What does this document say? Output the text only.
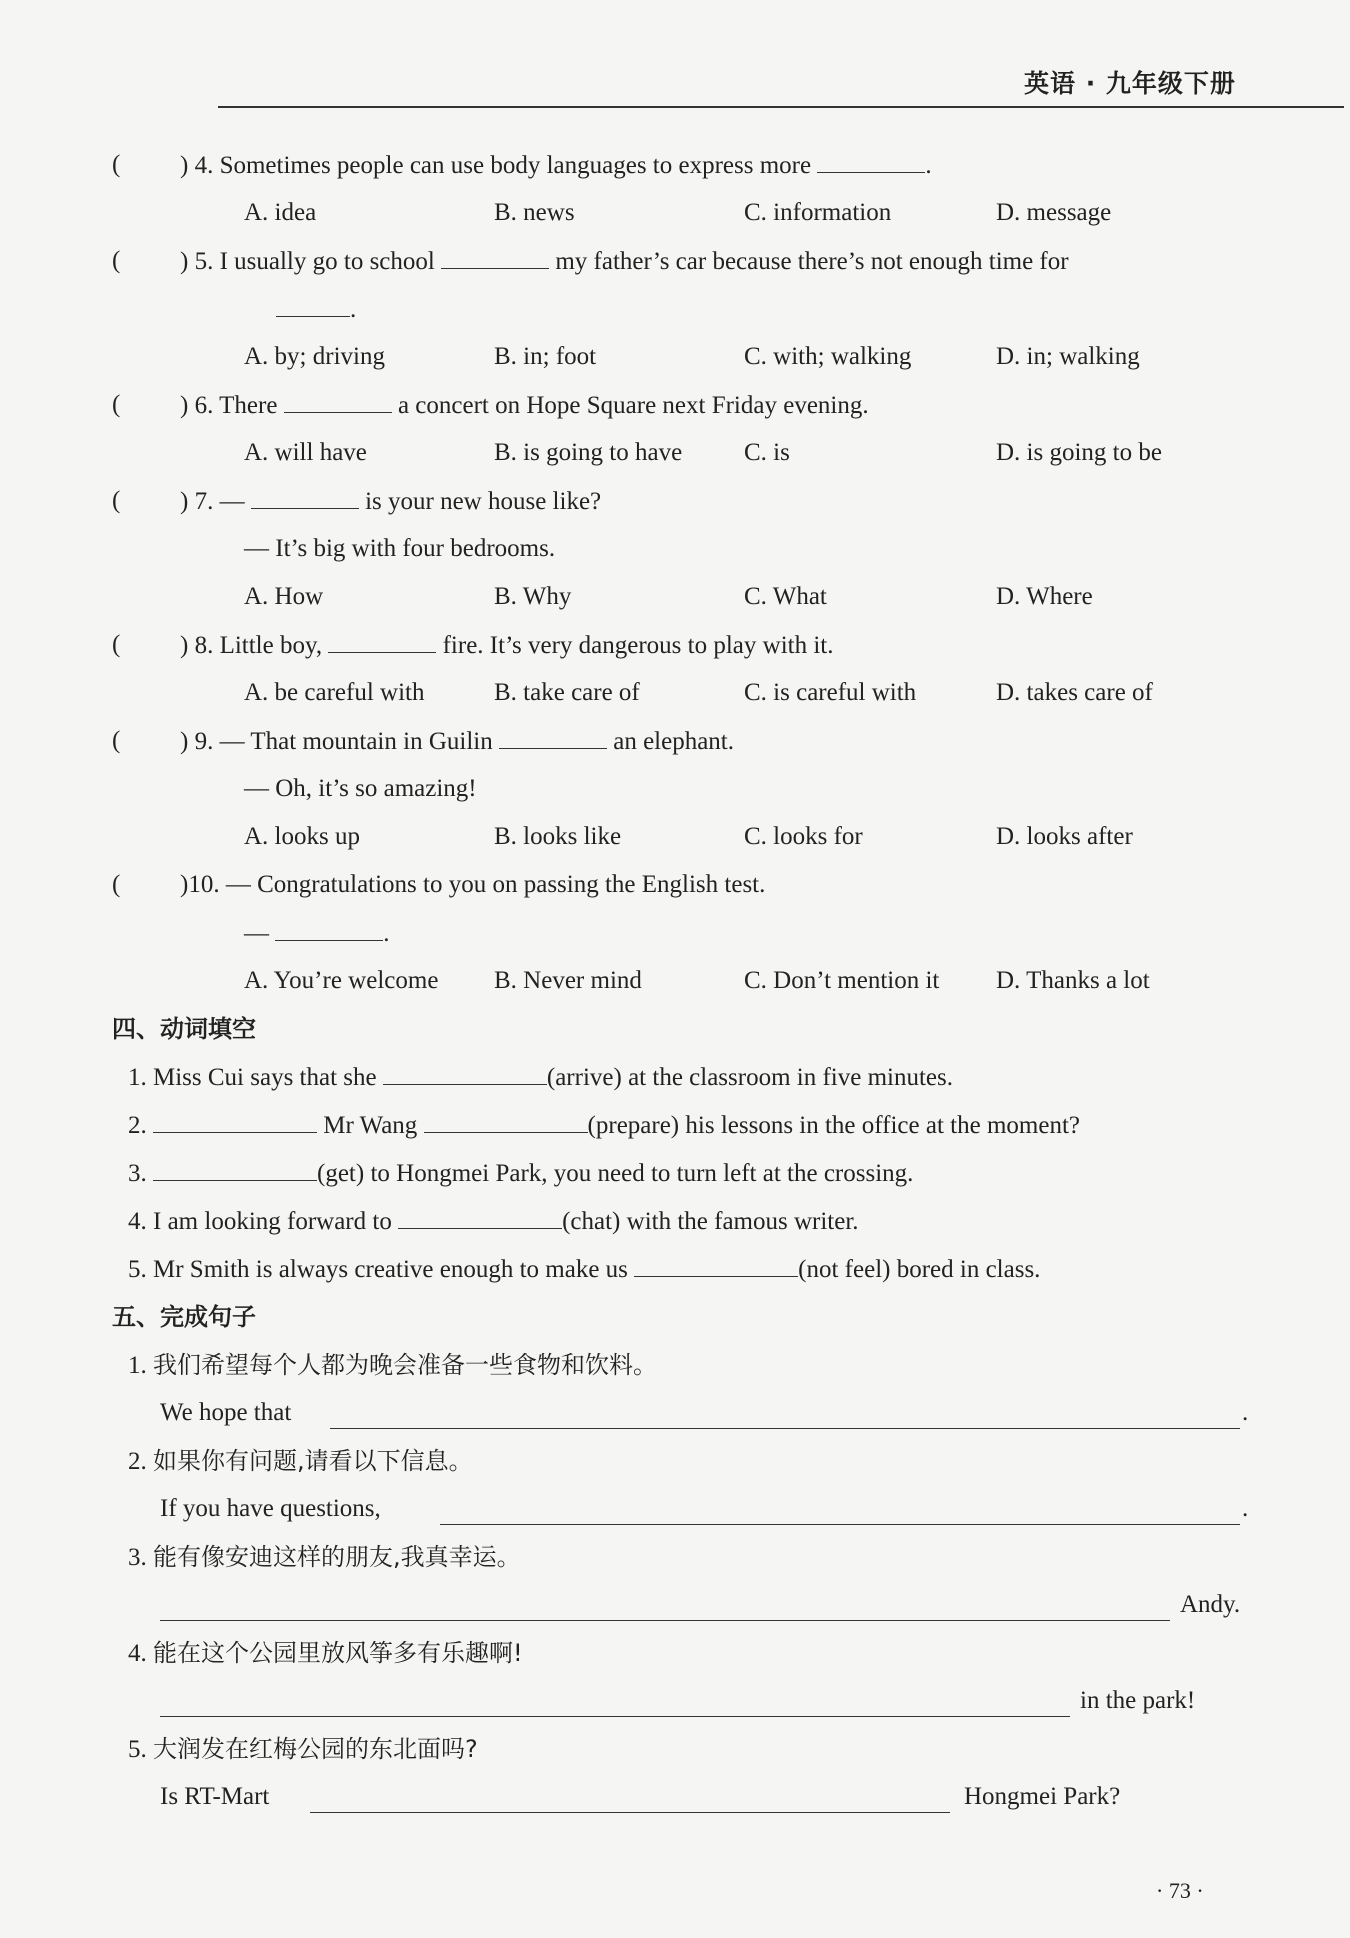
英语 · 九年级下册
( ) 4. Sometimes people can use body languages to express more	.
A. idea	B. news	C. information	D. message
( ) 5. I usually go to school	my father’s car because there’s not enough time for
.
A. by; driving	B. in; foot	C. with; walking	D. in; walking
( ) 6. There	a concert on Hope Square next Friday evening.
A. will have	B. is going to have C. is	D. is going to be
( ) 7. —	is your new house like?
— It’s big with four bedrooms.
A. How	B. Why	C. What	D. Where
( ) 8. Little boy,	fire. It’s very dangerous to play with it.
A. be careful with	B. take care of	C. is careful with	D. takes care of
( ) 9. — That mountain in Guilin	an elephant.
— Oh, it’s so amazing!
A. looks up	B. looks like	C. looks for	D. looks after
( )10. — Congratulations to you on passing the English test.
—	.
A. You’re welcome B. Never mind	C. Don’t mention it D. Thanks a lot
四、动词填空
1. Miss Cui says that she	(arrive) at the classroom in five minutes.
2.	Mr Wang	(prepare) his lessons in the office at the moment?
3.	(get) to Hongmei Park, you need to turn left at the crossing.
4. I am looking forward to	(chat) with the famous writer.
5. Mr Smith is always creative enough to make us	(not feel) bored in class.
五、完成句子
1. 我们希望每个人都为晚会准备一些食物和饮料。
We hope that	.
2. 如果你有问题,请看以下信息。
If you have questions,	.
3. 能有像安迪这样的朋友,我真幸运。
Andy.
4. 能在这个公园里放风筝多有乐趣啊!
in the park!
5. 大润发在红梅公园的东北面吗?
Is RT-Mart	Hongmei Park?
· 73 ·
